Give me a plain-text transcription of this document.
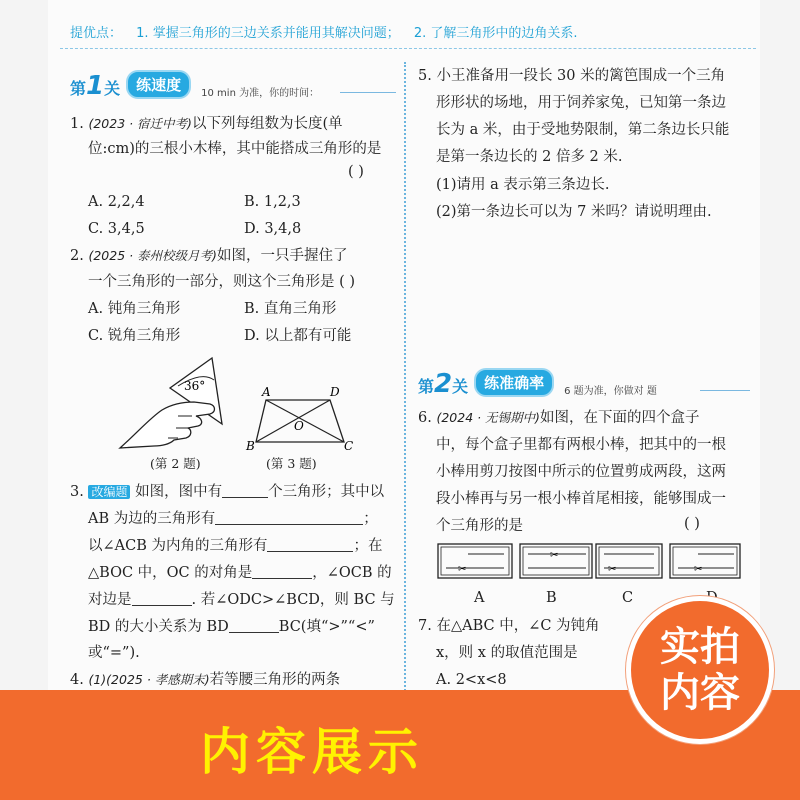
提优点： 1. 掌握三角形的三边关系并能用其解决问题； 2. 了解三角形中的边角关系.
第1关	练速度	10 min 为准，你的时间：
1. (2023 · 宿迁中考)以下列每组数为长度(单
位:cm)的三根小木棒，其中能搭成三角形的是
( )
A. 2,2,4	B. 1,2,3
C. 3,4,5	D. 3,4,8
2. (2025 · 泰州校级月考)如图，一只手握住了
一个三角形的一部分，则这个三角形是 ( )
A. 钝角三角形	B. 直角三角形
C. 锐角三角形	D. 以上都有可能
36°
(第 2 题)
A	D
B	C
O
(第 3 题)
3. 改编题 如图，图中有	个三角形；其中以
AB 为边的三角形有	；
以∠ACB 为内角的三角形有	；在
△BOC 中，OC 的对角是	，∠OCB 的
对边是	. 若∠ODC>∠BCD，则 BC 与
BD 的大小关系为 BD	BC(填“>”“<”
或“=”).
4. (1)(2025 · 孝感期末)若等腰三角形的两条
5. 小王准备用一段长 30 米的篱笆围成一个三角
形形状的场地，用于饲养家兔，已知第一条边
长为 a 米，由于受地势限制，第二条边长只能
是第一条边长的 2 倍多 2 米.
(1)请用 a 表示第三条边长.
(2)第一条边长可以为 7 米吗？请说明理由.
第2关	练准确率	6 题为准，你做对 题
6. (2024 · 无锡期中)如图，在下面的四个盒子
中，每个盒子里都有两根小棒，把其中的一根
小棒用剪刀按图中所示的位置剪成两段，这两
段小棒再与另一根小棒首尾相接，能够围成一
个三角形的是	( )
✂
✂
✂	✂
A	B	C
7. 在△ABC 中，∠C 为钝角
x，则 x 的取值范围是
A. 2<x<8
内容展示
实拍
内容
